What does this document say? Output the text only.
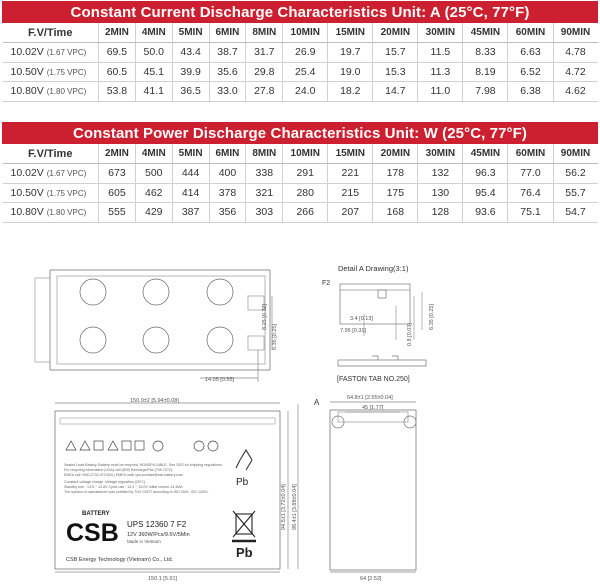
Constant Current Discharge Characteristics Unit: A (25°C, 77°F)												
F.V/Time	2MIN	4MIN	5MIN	6MIN	8MIN	10MIN	15MIN	20MIN	30MIN	45MIN	60MIN	90MIN
10.02V (1.67 VPC)	69.5	50.0	43.4	38.7	31.7	26.9	19.7	15.7	11.5	8.33	6.63	4.78
10.50V (1.75 VPC)	60.5	45.1	39.9	35.6	29.8	25.4	19.0	15.3	11.3	8.19	6.52	4.72
10.80V (1.80 VPC)	53.8	41.1	36.5	33.0	27.8	24.0	18.2	14.7	11.0	7.98	6.38	4.62
Constant Power Discharge Characteristics Unit: W (25°C, 77°F)												
F.V/Time	2MIN	4MIN	5MIN	6MIN	8MIN	10MIN	15MIN	20MIN	30MIN	45MIN	60MIN	90MIN
10.02V (1.67 VPC)	673	500	444	400	338	291	221	178	132	96.3	77.0	56.2
10.50V (1.75 VPC)	605	462	414	378	321	280	215	175	130	95.4	76.4	55.7
10.80V (1.80 VPC)	555	429	387	356	303	266	207	168	128	93.6	75.1	54.7
14.05 [0.55]
6.35 [0.25]
8.25 [0.32]	3.4 [0.13]
7.95 [0.31]	0.8 [0.03]
6.35 [0.25]
150.9±2 [5.94±0.08]
150.1 [5.91]
94.5±1 [3.72±0.04] 98.4±1 [3.88±0.04]
64.8±1 [2.55±0.04]
45 [1.77]
64 [2.52]
Detail A Drawing(3:1)
F2
[FASTON TAB NO.250]
A
Sealed Lead Battery. Battery must be recycled. NONSPILLABLE. See SDS for shipping regulations.
For recycling information (USA) call (800) Recharge/Fax (708-7372).
EMEA call +800-2733-4722(NL) EMEA mail: ups-kontakt@csb-battery.com
Constant voltage charge. Voltage regulation (25°C).
Standby use : 13.5 ~ 13.8V Cycle use : 14.4 ~ 15.0V Initial current 14.4MA
The system of manufacture was certified by TUV CERT according to ISO 9001, ISO 14001.
Pb
Pb
BATTERY
CSB UPS 12360 7 F2
12V 360W/Pcs/9.6V/5Min
Made in Vietnam
CSB Energy Technology (Vietnam) Co., Ltd.
